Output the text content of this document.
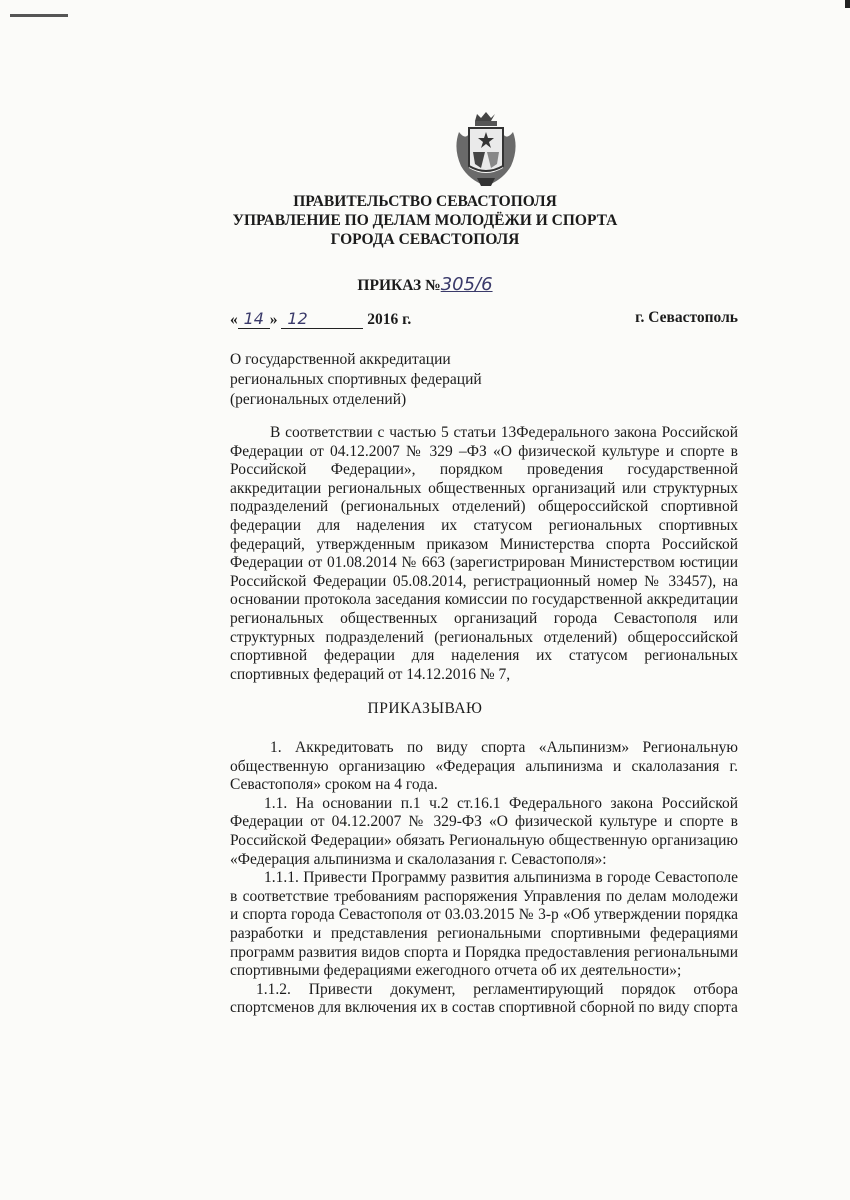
ПРАВИТЕЛЬСТВО СЕВАСТОПОЛЯ
УПРАВЛЕНИЕ ПО ДЕЛАМ МОЛОДЁЖИ И СПОРТА
ГОРОДА СЕВАСТОПОЛЯ
ПРИКАЗ №305/6
« 14 » 12	2016 г.	г. Севастополь
О государственной аккредитации
региональных спортивных федераций
(региональных отделений)

В соответствии с частью 5 статьи 13Федерального закона Российской Федерации от 04.12.2007 № 329 –ФЗ «О физической культуре и спорте в Российской Федерации», порядком проведения государственной аккредитации региональных общественных организаций или структурных подразделений (региональных отделений) общероссийской спортивной федерации для наделения их статусом региональных спортивных федераций, утвержденным приказом Министерства спорта Российской Федерации от 01.08.2014 № 663 (зарегистрирован Министерством юстиции Российской Федерации 05.08.2014, регистрационный номер № 33457), на основании протокола заседания комиссии по государственной аккредитации региональных общественных организаций города Севастополя или структурных подразделений (региональных отделений) общероссийской спортивной федерации для наделения их статусом региональных спортивных федераций от 14.12.2016 № 7,

ПРИКАЗЫВАЮ

1. Аккредитовать по виду спорта «Альпинизм» Региональную общественную организацию «Федерация альпинизма и скалолазания г. Севастополя» сроком на 4 года.

1.1. На основании п.1 ч.2 ст.16.1 Федерального закона Российской Федерации от 04.12.2007 № 329-ФЗ «О физической культуре и спорте в Российской Федерации» обязать Региональную общественную организацию «Федерация альпинизма и скалолазания г. Севастополя»:

1.1.1. Привести Программу развития альпинизма в городе Севастополе в соответствие требованиям распоряжения Управления по делам молодежи и спорта города Севастополя от 03.03.2015 № 3-р «Об утверждении порядка разработки и представления региональными спортивными федерациями программ развития видов спорта и Порядка предоставления региональными спортивными федерациями ежегодного отчета об их деятельности»;

1.1.2. Привести документ, регламентирующий порядок отбора спортсменов для включения их в состав спортивной сборной по виду спорта
